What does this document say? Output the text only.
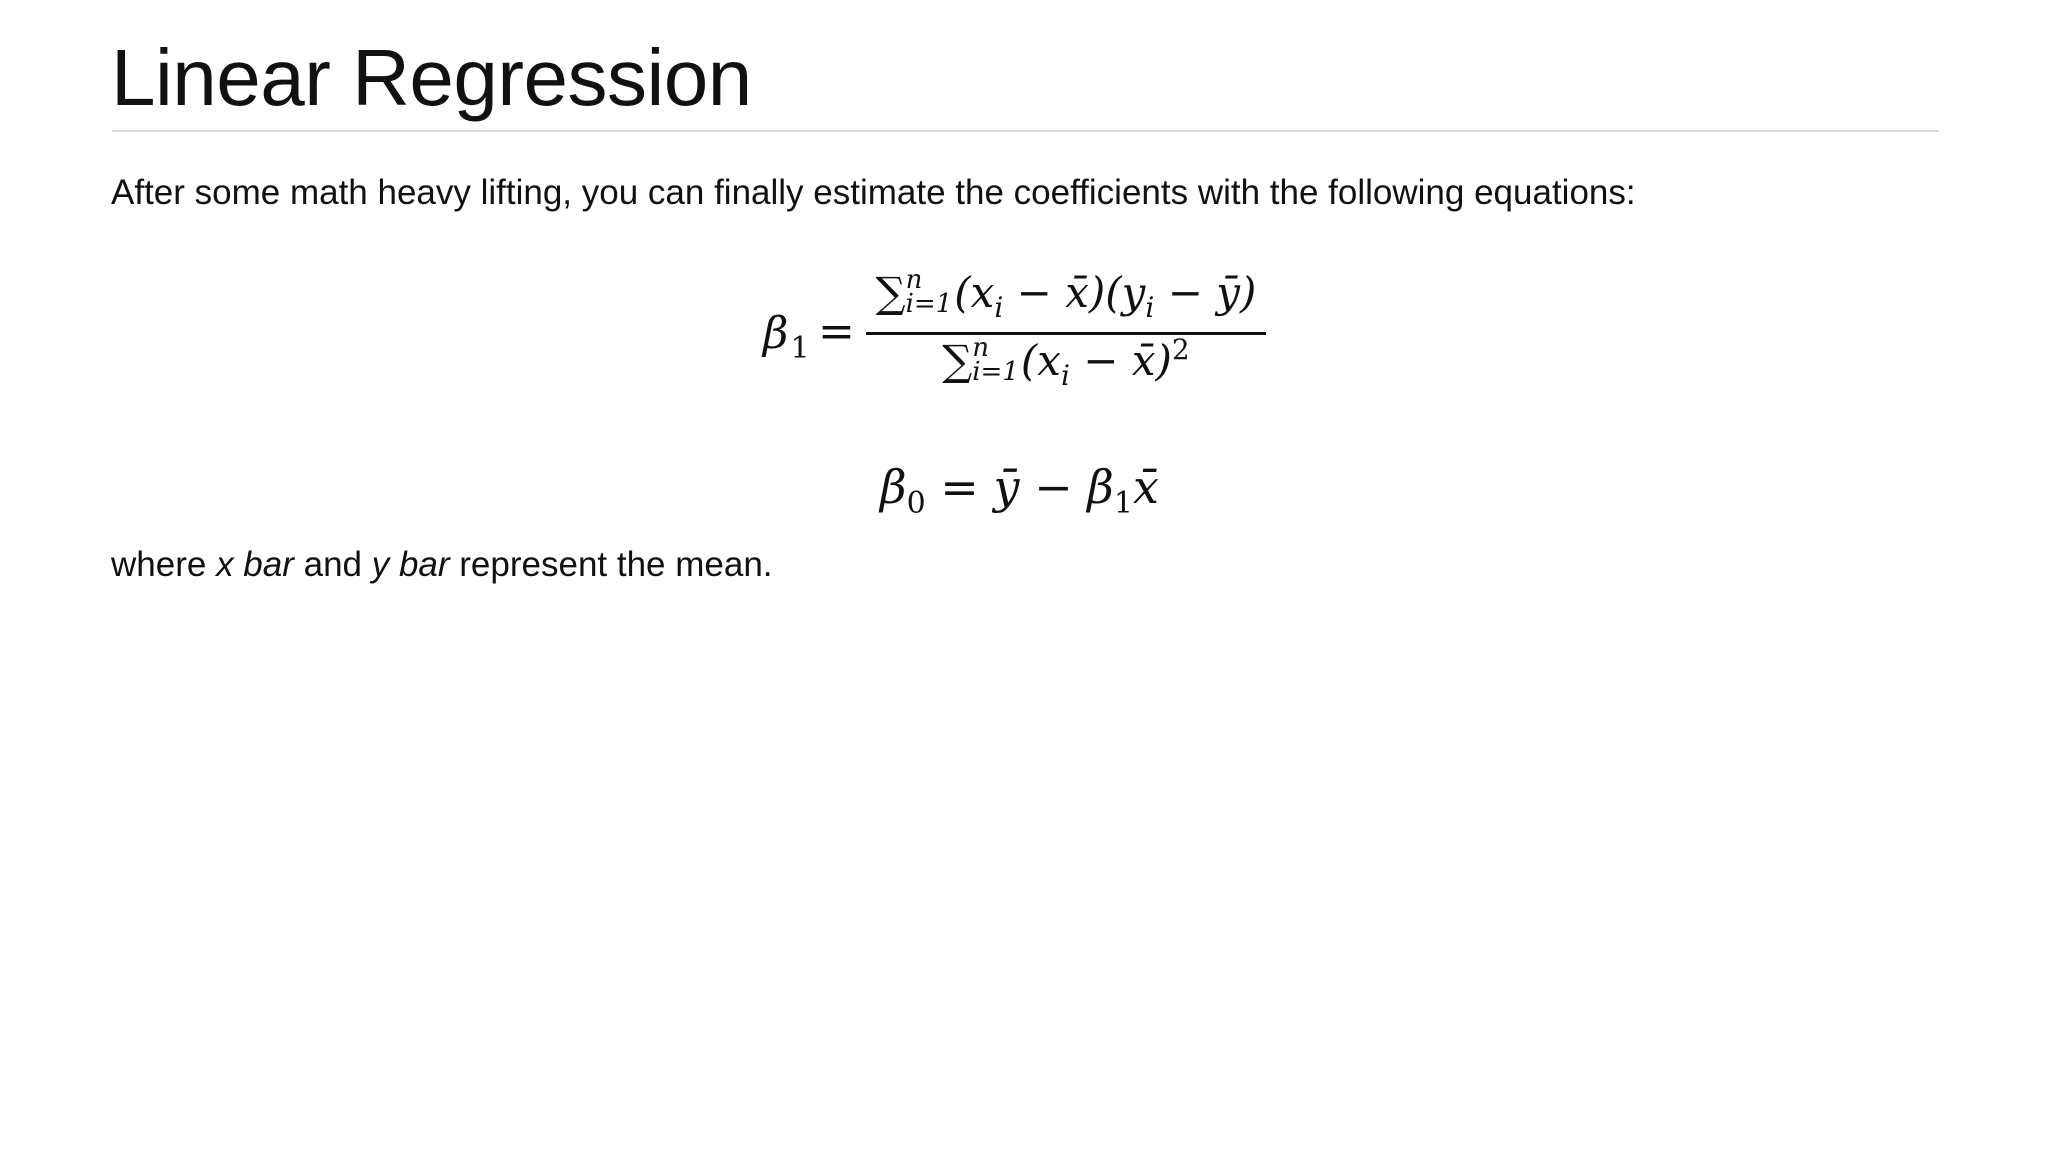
Linear Regression
After some math heavy lifting, you can finally estimate the coefficients with the following equations:
$\beta_1$ =
∑ n
i=1 ($x_i$ − $x̄)(y_i$ − ȳ)
∑ n
i=1 ($x_i$ − x̄)$^2$
$\beta_0$ = ȳ − $\beta_1x̄$
where x bar and y bar represent the mean.
